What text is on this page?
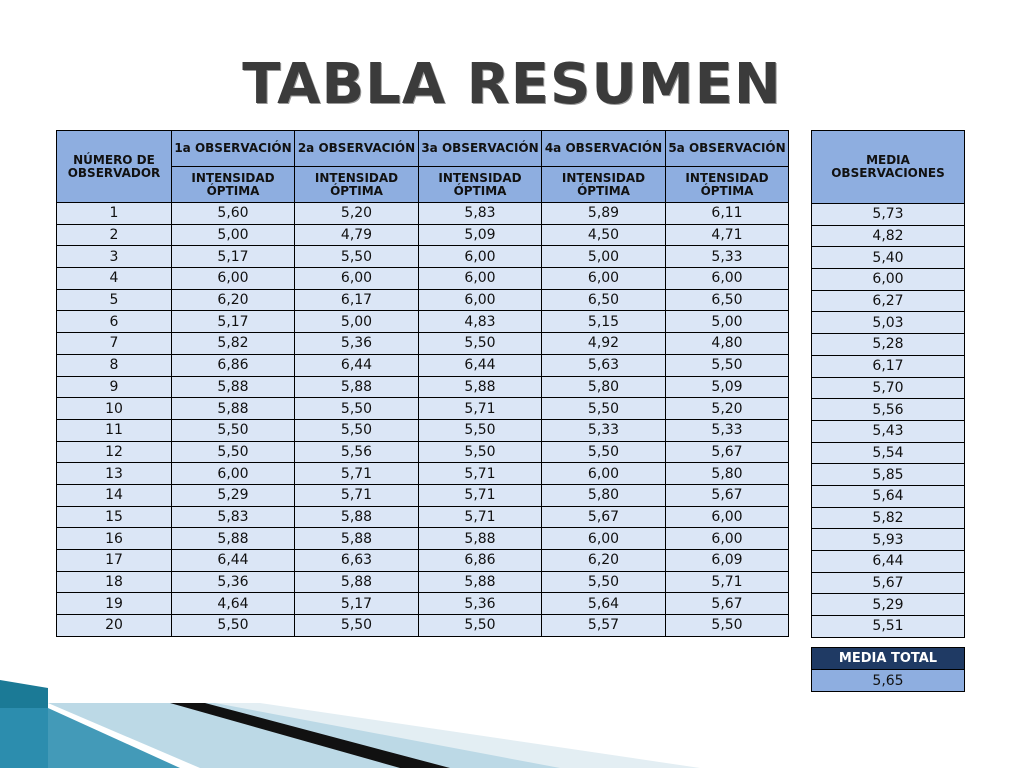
TABLA RESUMEN
NÚMERO DE OBSERVADOR	1a OBSERVACIÓN	2a OBSERVACIÓN	3a OBSERVACIÓN	4a OBSERVACIÓN	5a OBSERVACIÓN
	INTENSIDAD ÓPTIMA	INTENSIDAD ÓPTIMA	INTENSIDAD ÓPTIMA	INTENSIDAD ÓPTIMA	INTENSIDAD ÓPTIMA
1	5,60	5,20	5,83	5,89	6,11
2	5,00	4,79	5,09	4,50	4,71
3	5,17	5,50	6,00	5,00	5,33
4	6,00	6,00	6,00	6,00	6,00
5	6,20	6,17	6,00	6,50	6,50
6	5,17	5,00	4,83	5,15	5,00
7	5,82	5,36	5,50	4,92	4,80
8	6,86	6,44	6,44	5,63	5,50
9	5,88	5,88	5,88	5,80	5,09
10	5,88	5,50	5,71	5,50	5,20
11	5,50	5,50	5,50	5,33	5,33
12	5,50	5,56	5,50	5,50	5,67
13	6,00	5,71	5,71	6,00	5,80
14	5,29	5,71	5,71	5,80	5,67
15	5,83	5,88	5,71	5,67	6,00
16	5,88	5,88	5,88	6,00	6,00
17	6,44	6,63	6,86	6,20	6,09
18	5,36	5,88	5,88	5,50	5,71
19	4,64	5,17	5,36	5,64	5,67
20	5,50	5,50	5,50	5,57	5,50
MEDIA OBSERVACIONES
5,73
4,82
5,40
6,00
6,27
5,03
5,28
6,17
5,70
5,56
5,43
5,54
5,85
5,64
5,82
5,93
6,44
5,67
5,29
5,51
MEDIA TOTAL
5,65
